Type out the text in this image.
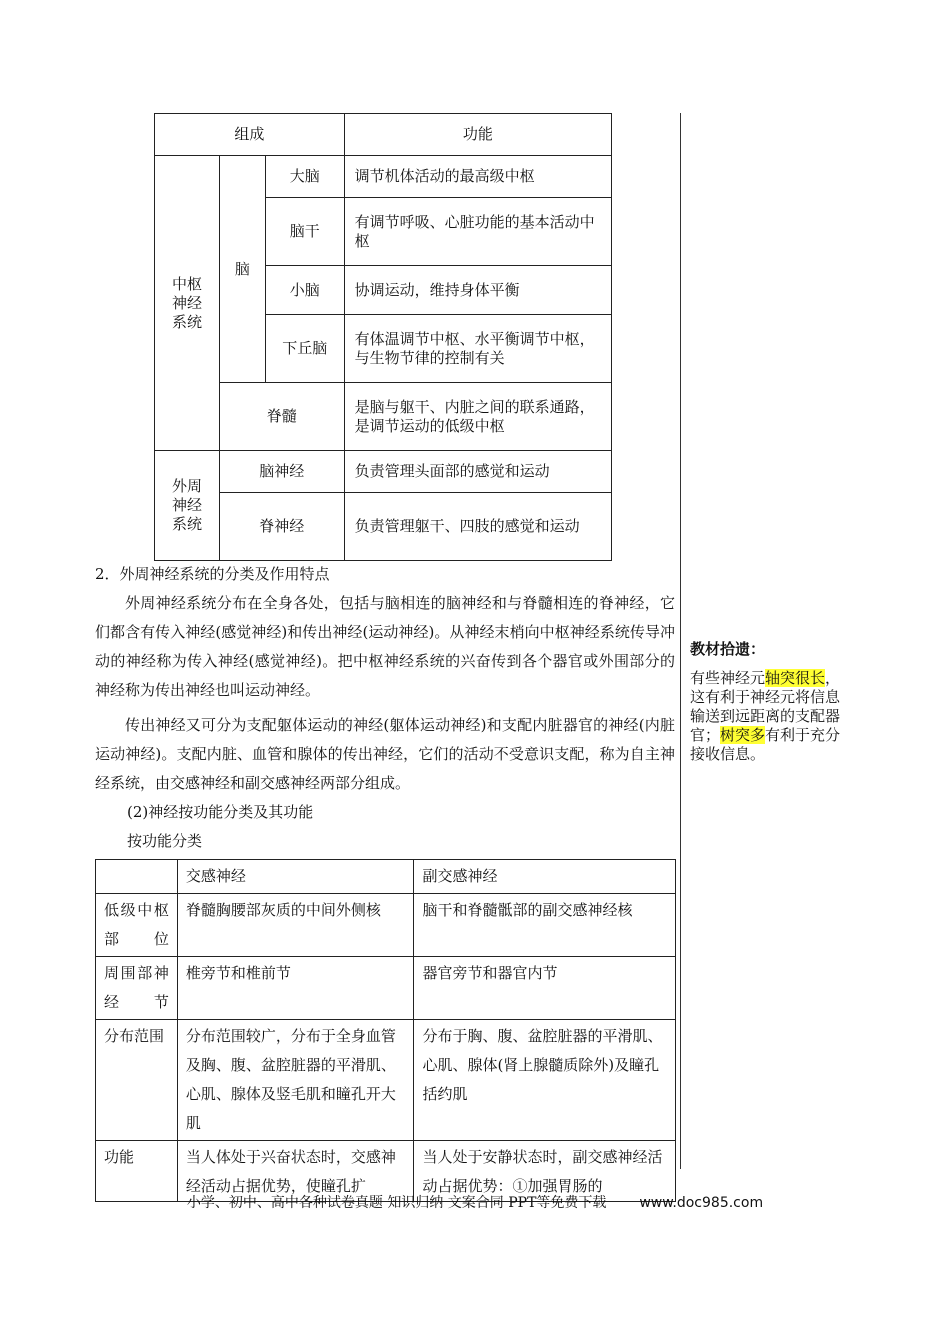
组成			功能
中枢神经系统	脑	大脑	调节机体活动的最高级中枢
		脑干	有调节呼吸、心脏功能的基本活动中枢
		小脑	协调运动，维持身体平衡
		下丘脑	有体温调节中枢、水平衡调节中枢，与生物节律的控制有关
	脊髓		是脑与躯干、内脏之间的联系通路，是调节运动的低级中枢
外周神经系统	脑神经		负责管理头面部的感觉和运动
	脊神经		负责管理躯干、四肢的感觉和运动

2．外周神经系统的分类及作用特点

外周神经系统分布在全身各处，包括与脑相连的脑神经和与脊髓相连的脊神经，它们都含有传入神经(感觉神经)和传出神经(运动神经)。从神经末梢向中枢神经系统传导冲动的神经称为传入神经(感觉神经)。把中枢神经系统的兴奋传到各个器官或外围部分的神经称为传出神经也叫运动神经。

传出神经又可分为支配躯体运动的神经(躯体运动神经)和支配内脏器官的神经(内脏运动神经)。支配内脏、血管和腺体的传出神经，它们的活动不受意识支配，称为自主神经系统，由交感神经和副交感神经两部分组成。

(2)神经按功能分类及其功能

按功能分类

	交感神经	副交感神经
低级中枢部位	脊髓胸腰部灰质的中间外侧核	脑干和脊髓骶部的副交感神经核
周围部神经节	椎旁节和椎前节	器官旁节和器官内节
分布范围	分布范围较广，分布于全身血管及胸、腹、盆腔脏器的平滑肌、心肌、腺体及竖毛肌和瞳孔开大肌	分布于胸、腹、盆腔脏器的平滑肌、心肌、腺体(肾上腺髓质除外)及瞳孔括约肌
功能	当人体处于兴奋状态时，交感神经活动占据优势，使瞳孔扩	当人处于安静状态时，副交感神经活动占据优势：①加强胃肠的
教材拾遗：
有些神经元轴突很长，这有利于神经元将信息输送到远距离的支配器官；树突多有利于充分接收信息。
小学、初中、高中各种试卷真题 知识归纳 文案合同 PPT等免费下载 www.doc985.com
